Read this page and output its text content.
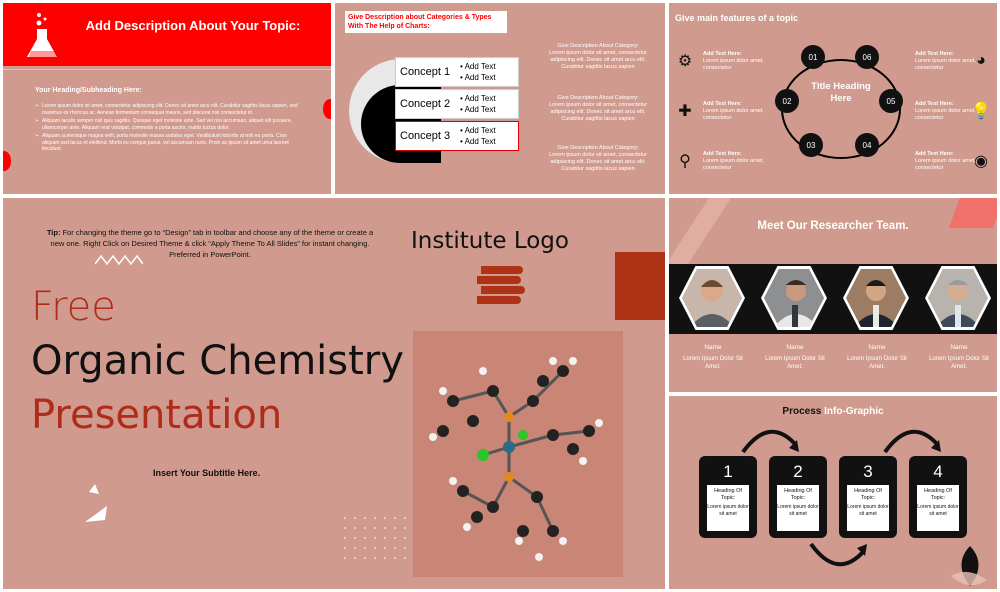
Add Description About Your Topic:
Your Heading/Subheading Here:
➢ Lorem ipsum dolor sit amet, consectetur adipiscing elit. Donec sit amet arcu elit. Curabitur sagittis lacus sapien, sed maximus ex rhoncus ac. Aenean fermentum consequat mauris, sed placerat nisl consectetur id.
➢ Aliquam iaculis semper nisl quis sagittis. Quisque eget molestie ante. Sed vel nisi accumsan, aliquet elit posuere, ullamcorper ante. Aliquam erat volutpat, commodo a porta auctor, mattis luctus dolor.
➢ Aliquam scelerisque magna velit, porta molestie massa sodales eget. Vestibulum lobortis at mih eu porta. Cras aliquam sed lacus et eleifend. Morbi eu congue purus, vel accumsan nunc. Proin ac ipsum sit amet urna laoreet tincidunt.
Give Description about Categories & Types With The Help of Charts:
Concept 1	• Add Text
• Add Text
Concept 2	• Add Text
• Add Text
Concept 3	• Add Text
• Add Text
Give Description About Category:
Lorem ipsum dolor sit amet, consectetur adipiscing elit. Donec sit amet arcu elit. Curabitur sagittis lacus sapien
Give Description About Category:
Lorem ipsum dolor sit amet, consectetur adipiscing elit. Donec sit amet arcu elit. Curabitur sagittis lacus sapien
Give Description About Category:
Lorem ipsum dolor sit amet, consectetur adipiscing elit. Donec sit amet arcu elit. Curabitur sagittis lacus sapien
Give main features of a topic
Title Heading Here
01
02
03	04
05
06
⚙
✚
⚲
◕
💡
◉
Add Text Here:
Lorem ipsum dolor amet, consectetur
Add Text Here:
Lorem ipsum dolor amet, consectetur
Add Text Here:
Lorem ipsum dolor amet, consectetur
Add Text Here:
Lorem ipsum dolor amet, consectetur
Add Text Here:
Lorem ipsum dolor amet, consectetur
Add Text Here:
Lorem ipsum dolor amet, consectetur
Tip: For changing the theme go to “Design” tab in toolbar and choose any of the theme or create a new one. Right Click on Desired Theme & click “Apply Theme To All Slides” for instant changing. Preferred in PowerPoint.
Free
Organic Chemistry
Presentation
Insert Your Subtitle Here.
Institute Logo
Meet Our Researcher Team.
Name
Lorem Ipsum Dolor Sit Amet.
Name
Lorem Ipsum Dolor Sit Amet.
Name
Lorem Ipsum Dolor Sit Amet.
Name
Lorem Ipsum Dolor Sit Amet.
Process Info-Graphic
1
Heading Of Topic:
Lorem ipsum dolor sit amet
2
Heading Of Topic:
Lorem ipsum dolor sit amet
3
Heading Of Topic:
Lorem ipsum dolor sit amet
4
Heading Of Topic:
Lorem ipsum dolor sit amet
